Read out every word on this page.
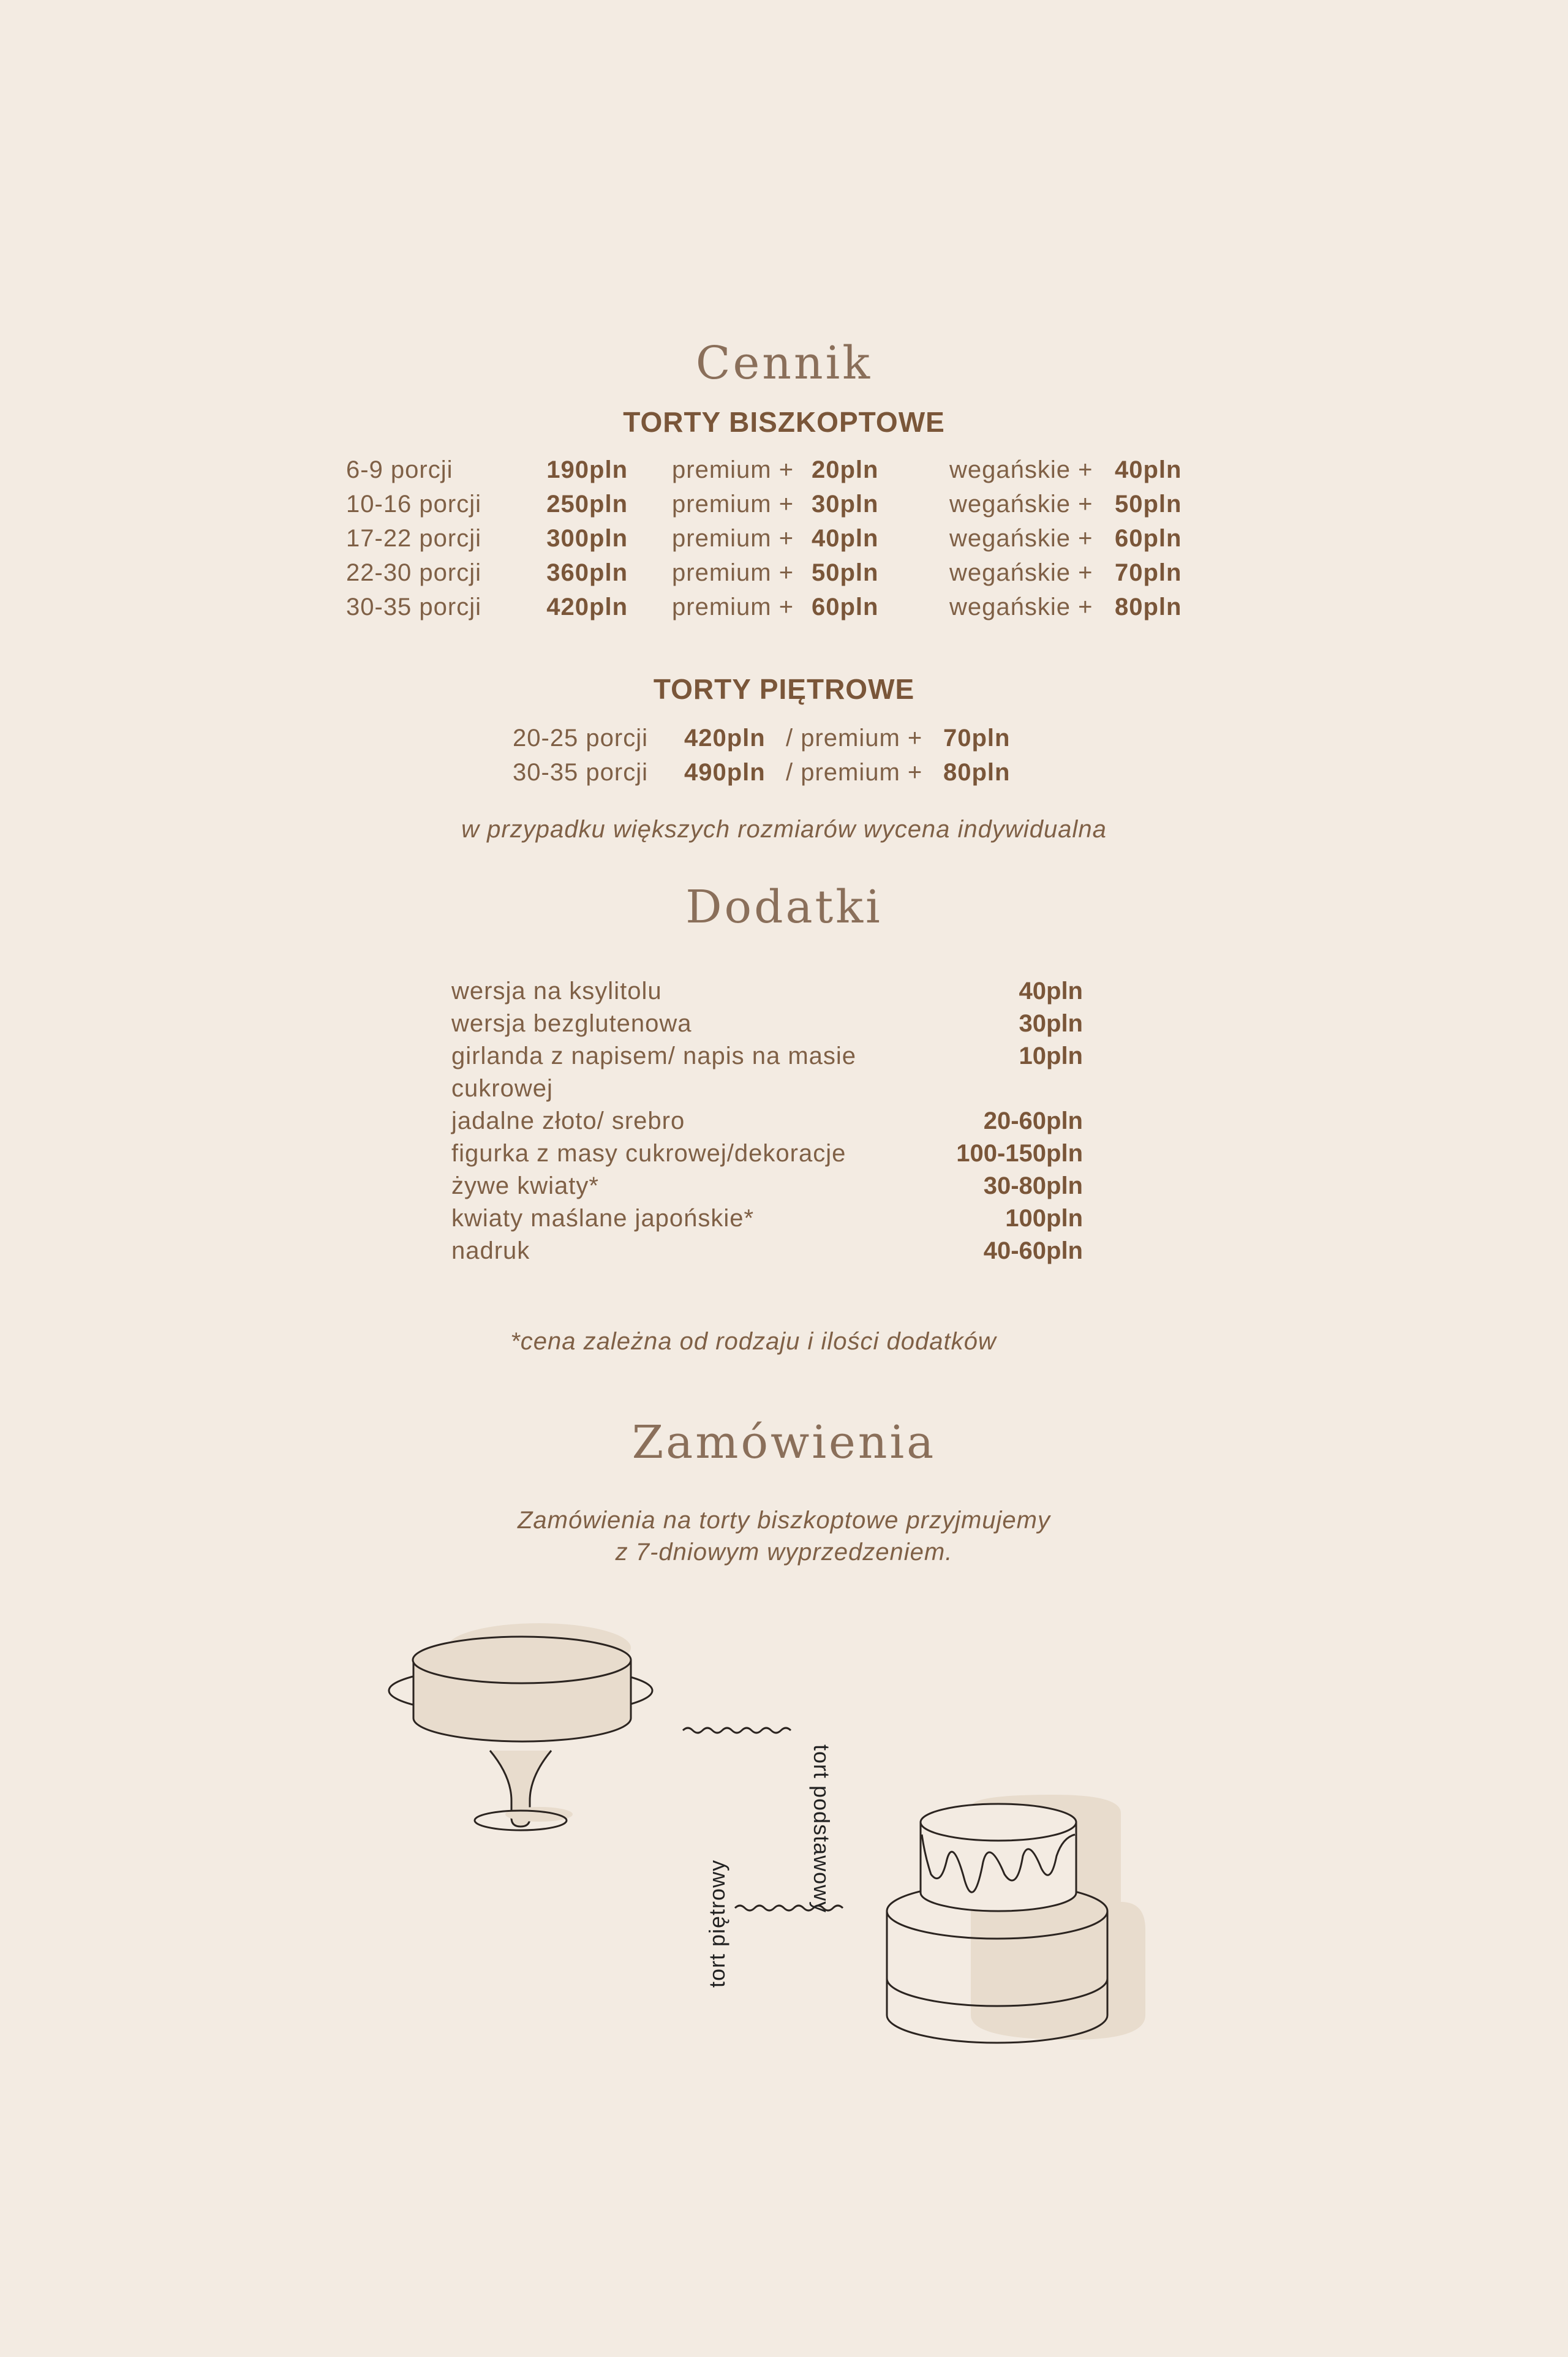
Cennik
TORTY BISZKOPTOWE
6-9 porcji	190pln premium + 20pln	wegańskie + 40pln
10-16 porcji	250pln premium + 30pln	wegańskie + 50pln
17-22 porcji	300pln premium + 40pln	wegańskie + 60pln
22-30 porcji	360pln premium + 50pln	wegańskie + 70pln
30-35 porcji	420pln premium + 60pln	wegańskie + 80pln
TORTY PIĘTROWE
20-25 porcji 420pln / premium + 70pln
30-35 porcji 490pln / premium + 80pln
w przypadku większych rozmiarów wycena indywidualna
Dodatki
wersja na ksylitolu	40pln
wersja bezglutenowa	30pln
girlanda z napisem/ napis na masie	10pln
cukrowej
jadalne złoto/ srebro	20-60pln
figurka z masy cukrowej/dekoracje	100-150pln
żywe kwiaty*	30-80pln
kwiaty maślane japońskie*	100pln
nadruk	40-60pln
*cena zależna od rodzaju i ilości dodatków
Zamówienia
Zamówienia na torty biszkoptowe przyjmujemy
z 7-dniowym wyprzedzeniem.
tort podstawowy
tort piętrowy
